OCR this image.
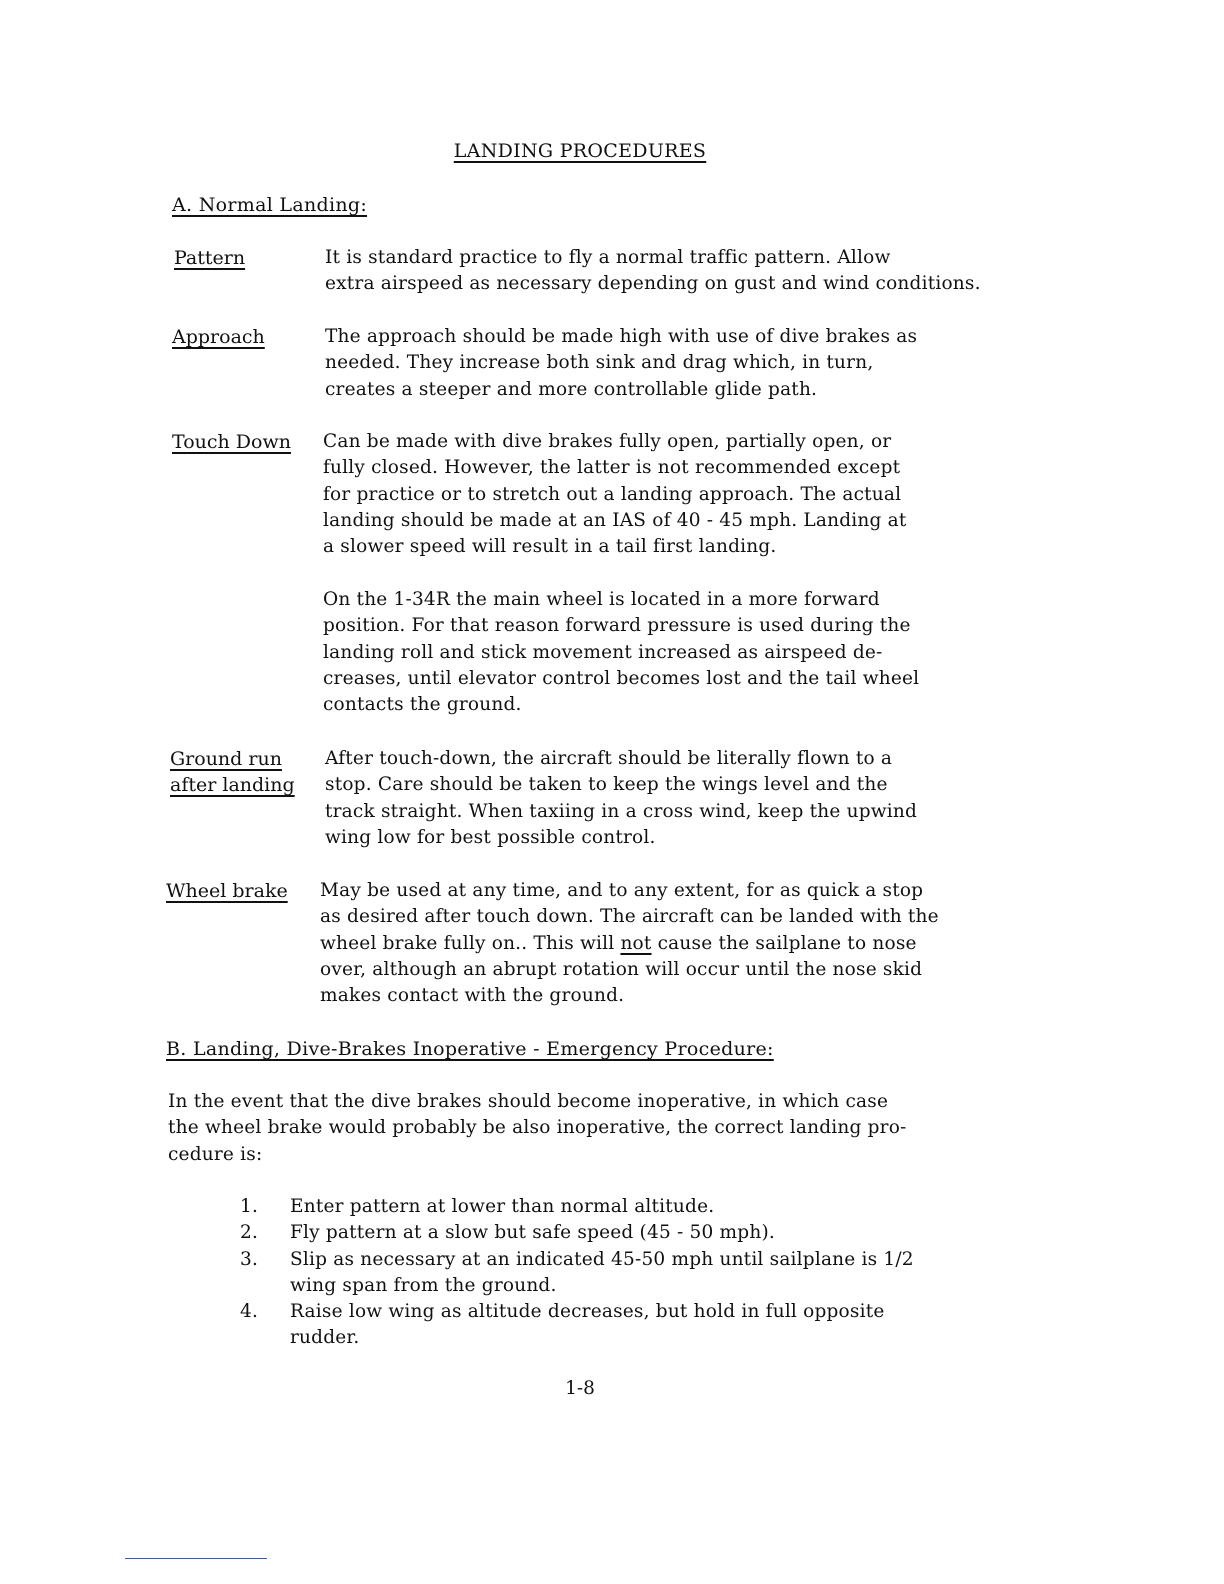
LANDING PROCEDURES
A. Normal Landing:
Pattern	It is standard practice to fly a normal traffic pattern. Allow
extra airspeed as necessary depending on gust and wind conditions.
Approach	The approach should be made high with use of dive brakes as
needed. They increase both sink and drag which, in turn,
creates a steeper and more controllable glide path.
Touch Down Can be made with dive brakes fully open, partially open, or
fully closed. However, the latter is not recommended except
for practice or to stretch out a landing approach. The actual
landing should be made at an IAS of 40 - 45 mph. Landing at
a slower speed will result in a tail first landing.
On the 1-34R the main wheel is located in a more forward
position. For that reason forward pressure is used during the
landing roll and stick movement increased as airspeed de-
creases, until elevator control becomes lost and the tail wheel
contacts the ground.
Ground run
after landing
After touch-down, the aircraft should be literally flown to a
stop. Care should be taken to keep the wings level and the
track straight. When taxiing in a cross wind, keep the upwind
wing low for best possible control.
Wheel brake May be used at any time, and to any extent, for as quick a stop
as desired after touch down. The aircraft can be landed with the
wheel brake fully on.. This will not cause the sailplane to nose
over, although an abrupt rotation will occur until the nose skid
makes contact with the ground.
B. Landing, Dive-Brakes Inoperative - Emergency Procedure:
In the event that the dive brakes should become inoperative, in which case
the wheel brake would probably be also inoperative, the correct landing pro-
cedure is:
1. Enter pattern at lower than normal altitude.
2. Fly pattern at a slow but safe speed (45 - 50 mph).
3. Slip as necessary at an indicated 45-50 mph until sailplane is 1/2
wing span from the ground.
4. Raise low wing as altitude decreases, but hold in full opposite
rudder.
1-8
